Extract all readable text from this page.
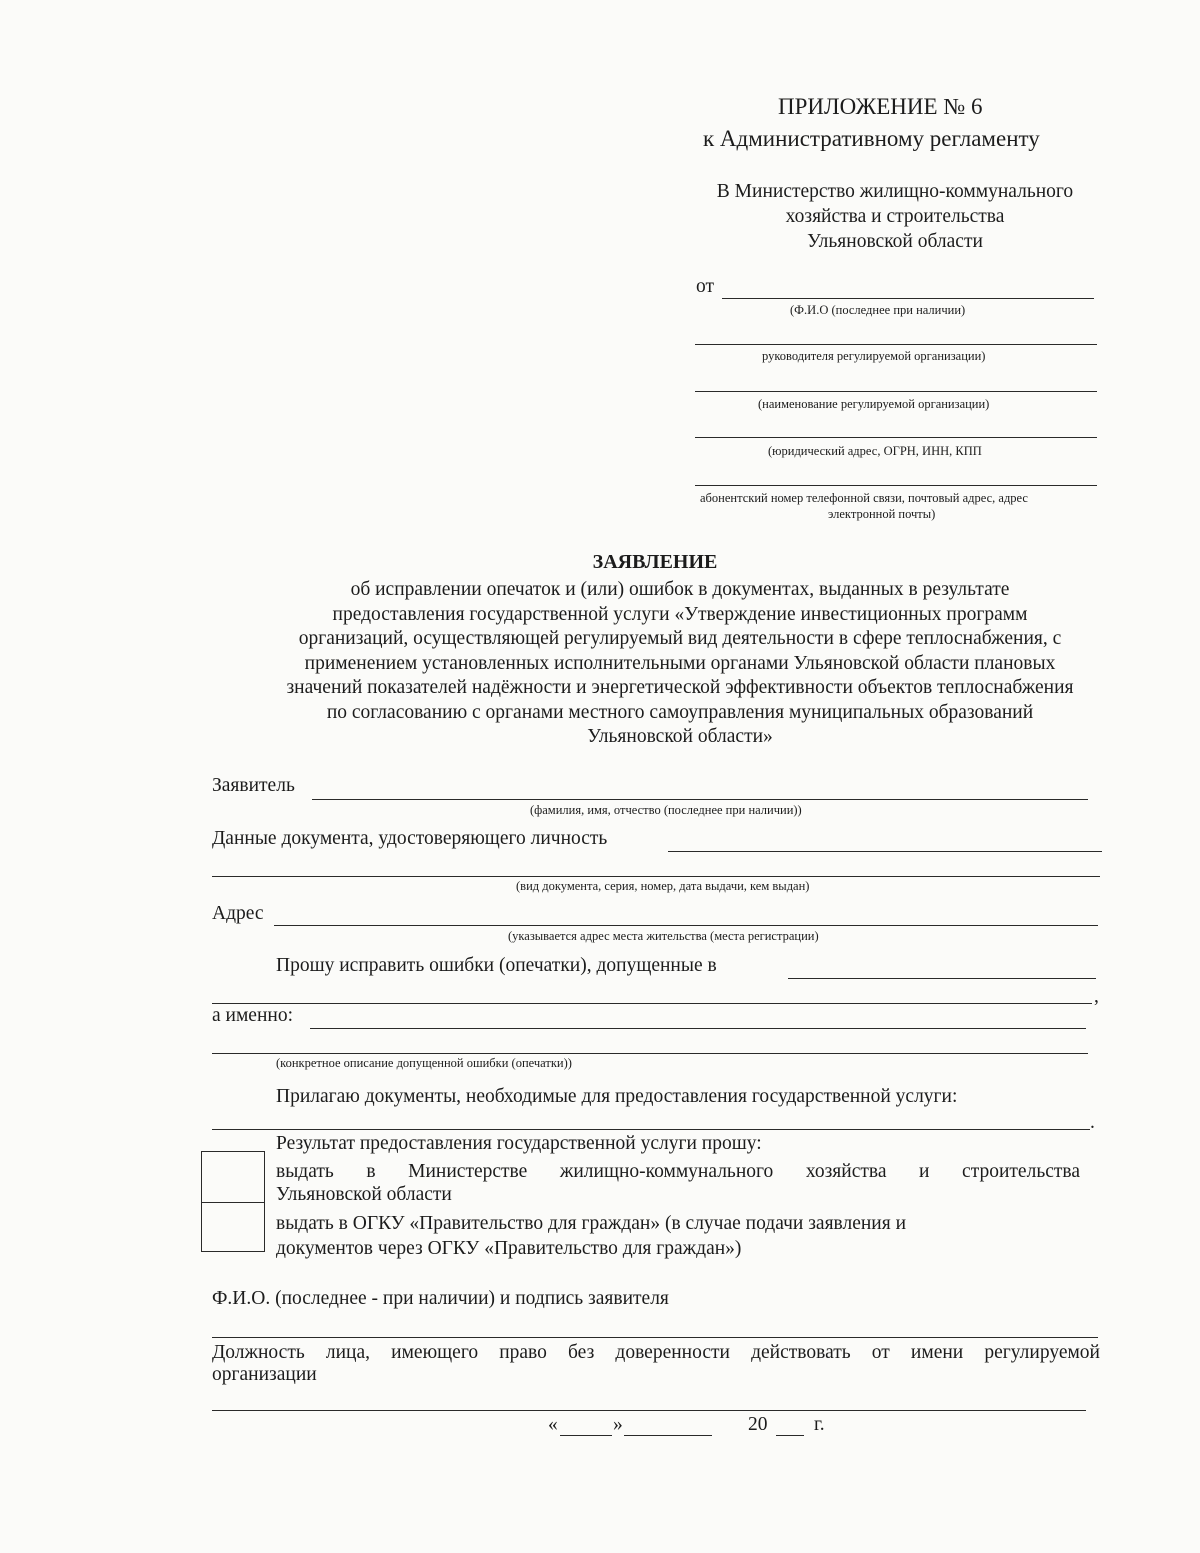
ПРИЛОЖЕНИЕ № 6
к Административному регламенту
В Министерство жилищно-коммунального
хозяйства и строительства
Ульяновской области
от
(Ф.И.О (последнее при наличии)
руководителя регулируемой организации)
(наименование регулируемой организации)
(юридический адрес, ОГРН, ИНН, КПП
абонентский номер телефонной связи, почтовый адрес, адрес
электронной почты)
ЗАЯВЛЕНИЕ
об исправлении опечаток и (или) ошибок в документах, выданных в результате
предоставления государственной услуги «Утверждение инвестиционных программ
организаций, осуществляющей регулируемый вид деятельности в сфере теплоснабжения, с
применением установленных исполнительными органами Ульяновской области плановых
значений показателей надёжности и энергетической эффективности объектов теплоснабжения
по согласованию с органами местного самоуправления муниципальных образований
Ульяновской области»
Заявитель
(фамилия, имя, отчество (последнее при наличии))
Данные документа, удостоверяющего личность
(вид документа, серия, номер, дата выдачи, кем выдан)
Адрес
(указывается адрес места жительства (места регистрации)
Прошу исправить ошибки (опечатки), допущенные в
,
а именно:
(конкретное описание допущенной ошибки (опечатки))
Прилагаю документы, необходимые для предоставления государственной услуги:
.
Результат предоставления государственной услуги прошу:
выдать в Министерстве жилищно-коммунального хозяйства и строительства
Ульяновской области
выдать в ОГКУ «Правительство для граждан» (в случае подачи заявления и
документов через ОГКУ «Правительство для граждан»)
Ф.И.О. (последнее - при наличии) и подпись заявителя
Должность лица, имеющего право без доверенности действовать от имени регулируемой
организации
«	»	20 г.
